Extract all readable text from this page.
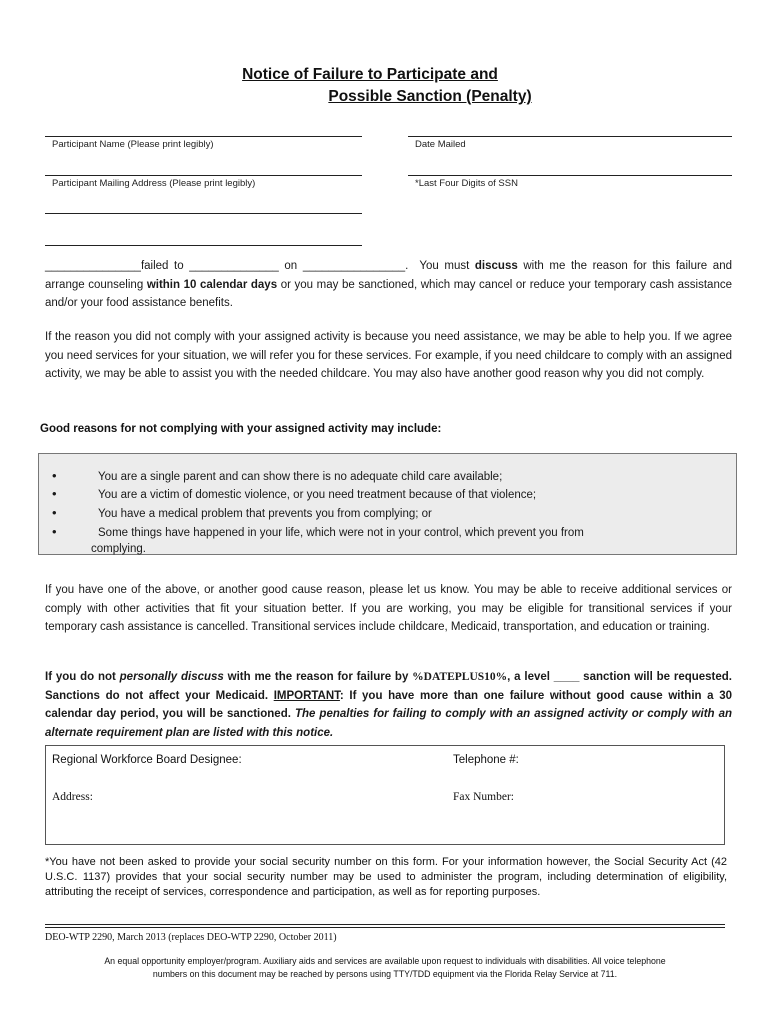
Notice of Failure to Participate and
Possible Sanction (Penalty)
Participant Name (Please print legibly)	Date Mailed
Participant Mailing Address (Please print legibly)	*Last Four Digits of SSN
_______________failed to ______________ on ________________. You must discuss with me the reason for this failure and arrange counseling within 10 calendar days or you may be sanctioned, which may cancel or reduce your temporary cash assistance and/or your food assistance benefits.
If the reason you did not comply with your assigned activity is because you need assistance, we may be able to help you. If we agree you need services for your situation, we will refer you for these services. For example, if you need childcare to comply with an assigned activity, we may be able to assist you with the needed childcare. You may also have another good reason why you did not comply.
Good reasons for not complying with your assigned activity may include:
•	You are a single parent and can show there is no adequate child care available;
•	You are a victim of domestic violence, or you need treatment because of that violence;
•	You have a medical problem that prevents you from complying; or
•	Some things have happened in your life, which were not in your control, which prevent you from
complying.
If you have one of the above, or another good cause reason, please let us know. You may be able to receive additional services or comply with other activities that fit your situation better. If you are working, you may be eligible for transitional services if your temporary cash assistance is cancelled. Transitional services include childcare, Medicaid, transportation, and education or training.
If you do not personally discuss with me the reason for failure by %DATEPLUS10%, a level ____ sanction will be requested. Sanctions do not affect your Medicaid. IMPORTANT: If you have more than one failure without good cause within a 30 calendar day period, you will be sanctioned. The penalties for failing to comply with an assigned activity or comply with an alternate requirement plan are listed with this notice.
Regional Workforce Board Designee:	Telephone #:
Address:	Fax Number:
*You have not been asked to provide your social security number on this form. For your information however, the Social Security Act (42 U.S.C. 1137) provides that your social security number may be used to administer the program, including determination of eligibility, attributing the receipt of services, correspondence and participation, as well as for reporting purposes.
DEO-WTP 2290, March 2013 (replaces DEO-WTP 2290, October 2011)
An equal opportunity employer/program. Auxiliary aids and services are available upon request to individuals with disabilities. All voice telephone
numbers on this document may be reached by persons using TTY/TDD equipment via the Florida Relay Service at 711.
